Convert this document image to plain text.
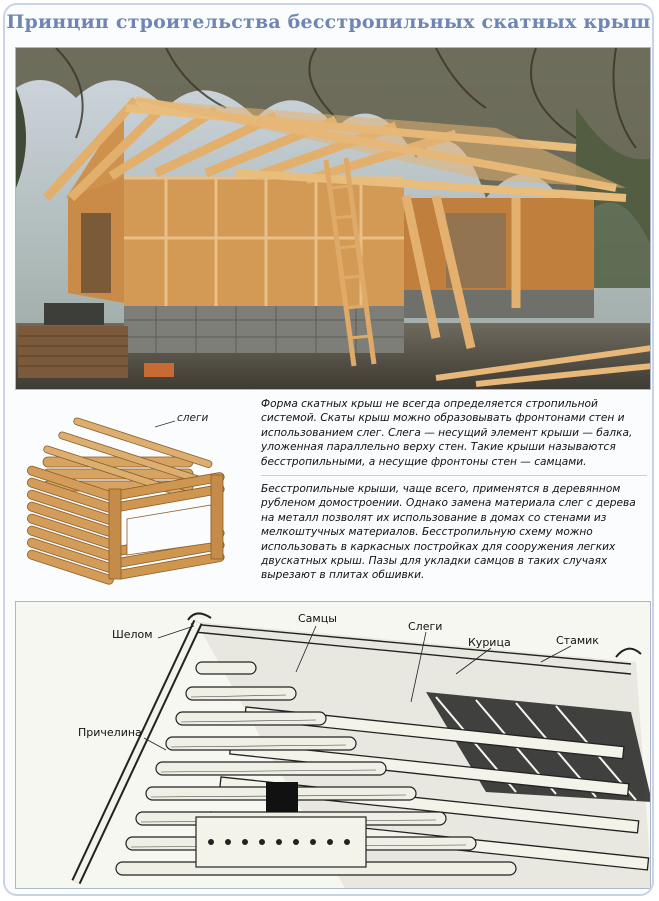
Принцип строительства бесстропильных скатных крыш
слеги

Форма скатных крыш не всегда определяется стропильной системой. Скаты крыш можно образовывать фронтонами стен и использованием слег. Слега — несущий элемент крыши — балка, уложенная параллельно верху стен. Такие крыши называются бесстропильными, а несущие фронтоны стен — самцами.

Бесстропильные крыши, чаще всего, применятся в деревянном рубленом домостроении. Однако замена материала слег с дерева на металл позволят их использование в домах со стенами из мелкоштучных материалов. Бесстропильную схему можно использовать в каркасных постройках для сооружения легких двускатных крыш. Пазы для укладки самцов в таких случаях вырезают в плитах обшивки.

Шелом
Самцы
Слеги
Курица	Стамик
Причелина
